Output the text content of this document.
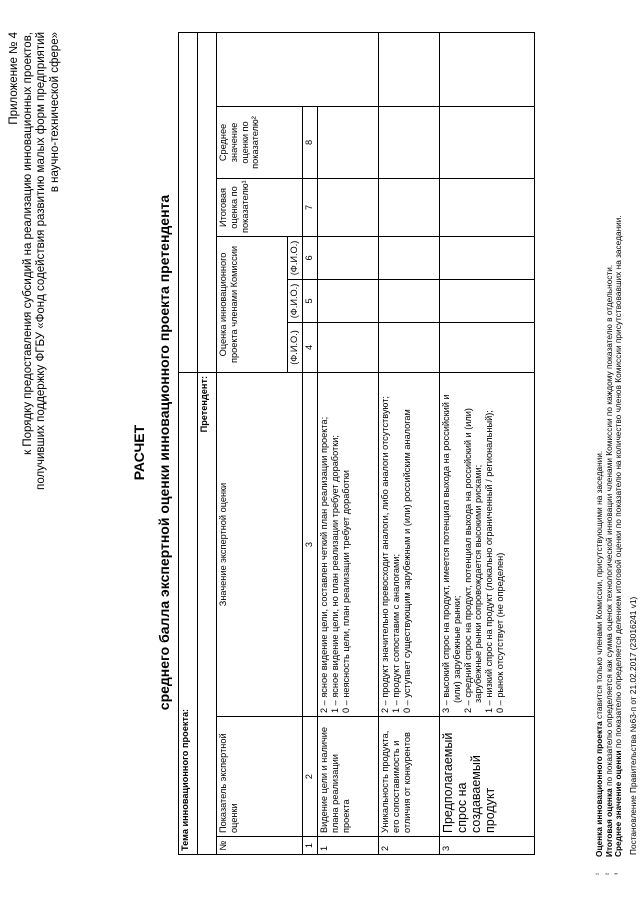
Приложение № 4 к Порядку предоставления субсидий на реализацию инновационных проектов, получивших поддержку ФГБУ «Фонд содействия развитию малых форм предприятий в научно-технической сфере»
РАСЧЕТ среднего балла экспертной оценки инновационного проекта претендента
Тема инновационного проекта:								
Претендент:								
№	Показатель экспертной оценки	Значение экспертной оценки	Оценка инновационного проекта членами Комиссии			Итоговая оценка по показателю¹	Среднее значение оценки по показателю²	
			(Ф.И.О.)	(Ф.И.О.)	(Ф.И.О.)			
1	2	3	4	5	6	7	8	
1	Видение цели и наличие плана реализации проекта	2 – ясное видение цели, составлен четкий план реализации проекта; 1 – ясное видение цели, но план реализации требует доработки; 0 – неясность цели, план реализации требует доработки						

2	Уникальность продукта, его сопоставимость и отличия от конкурентов	2 – продукт значительно превосходит аналоги, либо аналоги отсутствуют; 1 – продукт сопоставим с аналогами; 0 – уступает существующим зарубежным и (или) российским аналогам						

3	Предполагаемый спрос на создаваемый продукт	3 – высокий спрос на продукт, имеется потенциал выхода на российский и (или) зарубежные рынки; 2 – средний спрос на продукт, потенциал выхода на российский и (или) зарубежные рынки сопровождается высокими рисками; 1 – низкий спрос на продукт (локально ограниченный / региональный); 0 – рынок отсутствует (не определен)						

¹
Оценка инновационного проекта ставится только членами Комиссии, присутствующими на заседании.
²
Итоговая оценка по показателю определяется как сумма оценок технологической инновации членами Комиссии по каждому показателю в отдельности.
³
Среднее значение оценки по показателю определяется делением итоговой оценки по показателю на количество членов Комиссии присутствовавших на заседании. Постановление Правительства №63-п от 21.02.2017 (23016241 v1)
